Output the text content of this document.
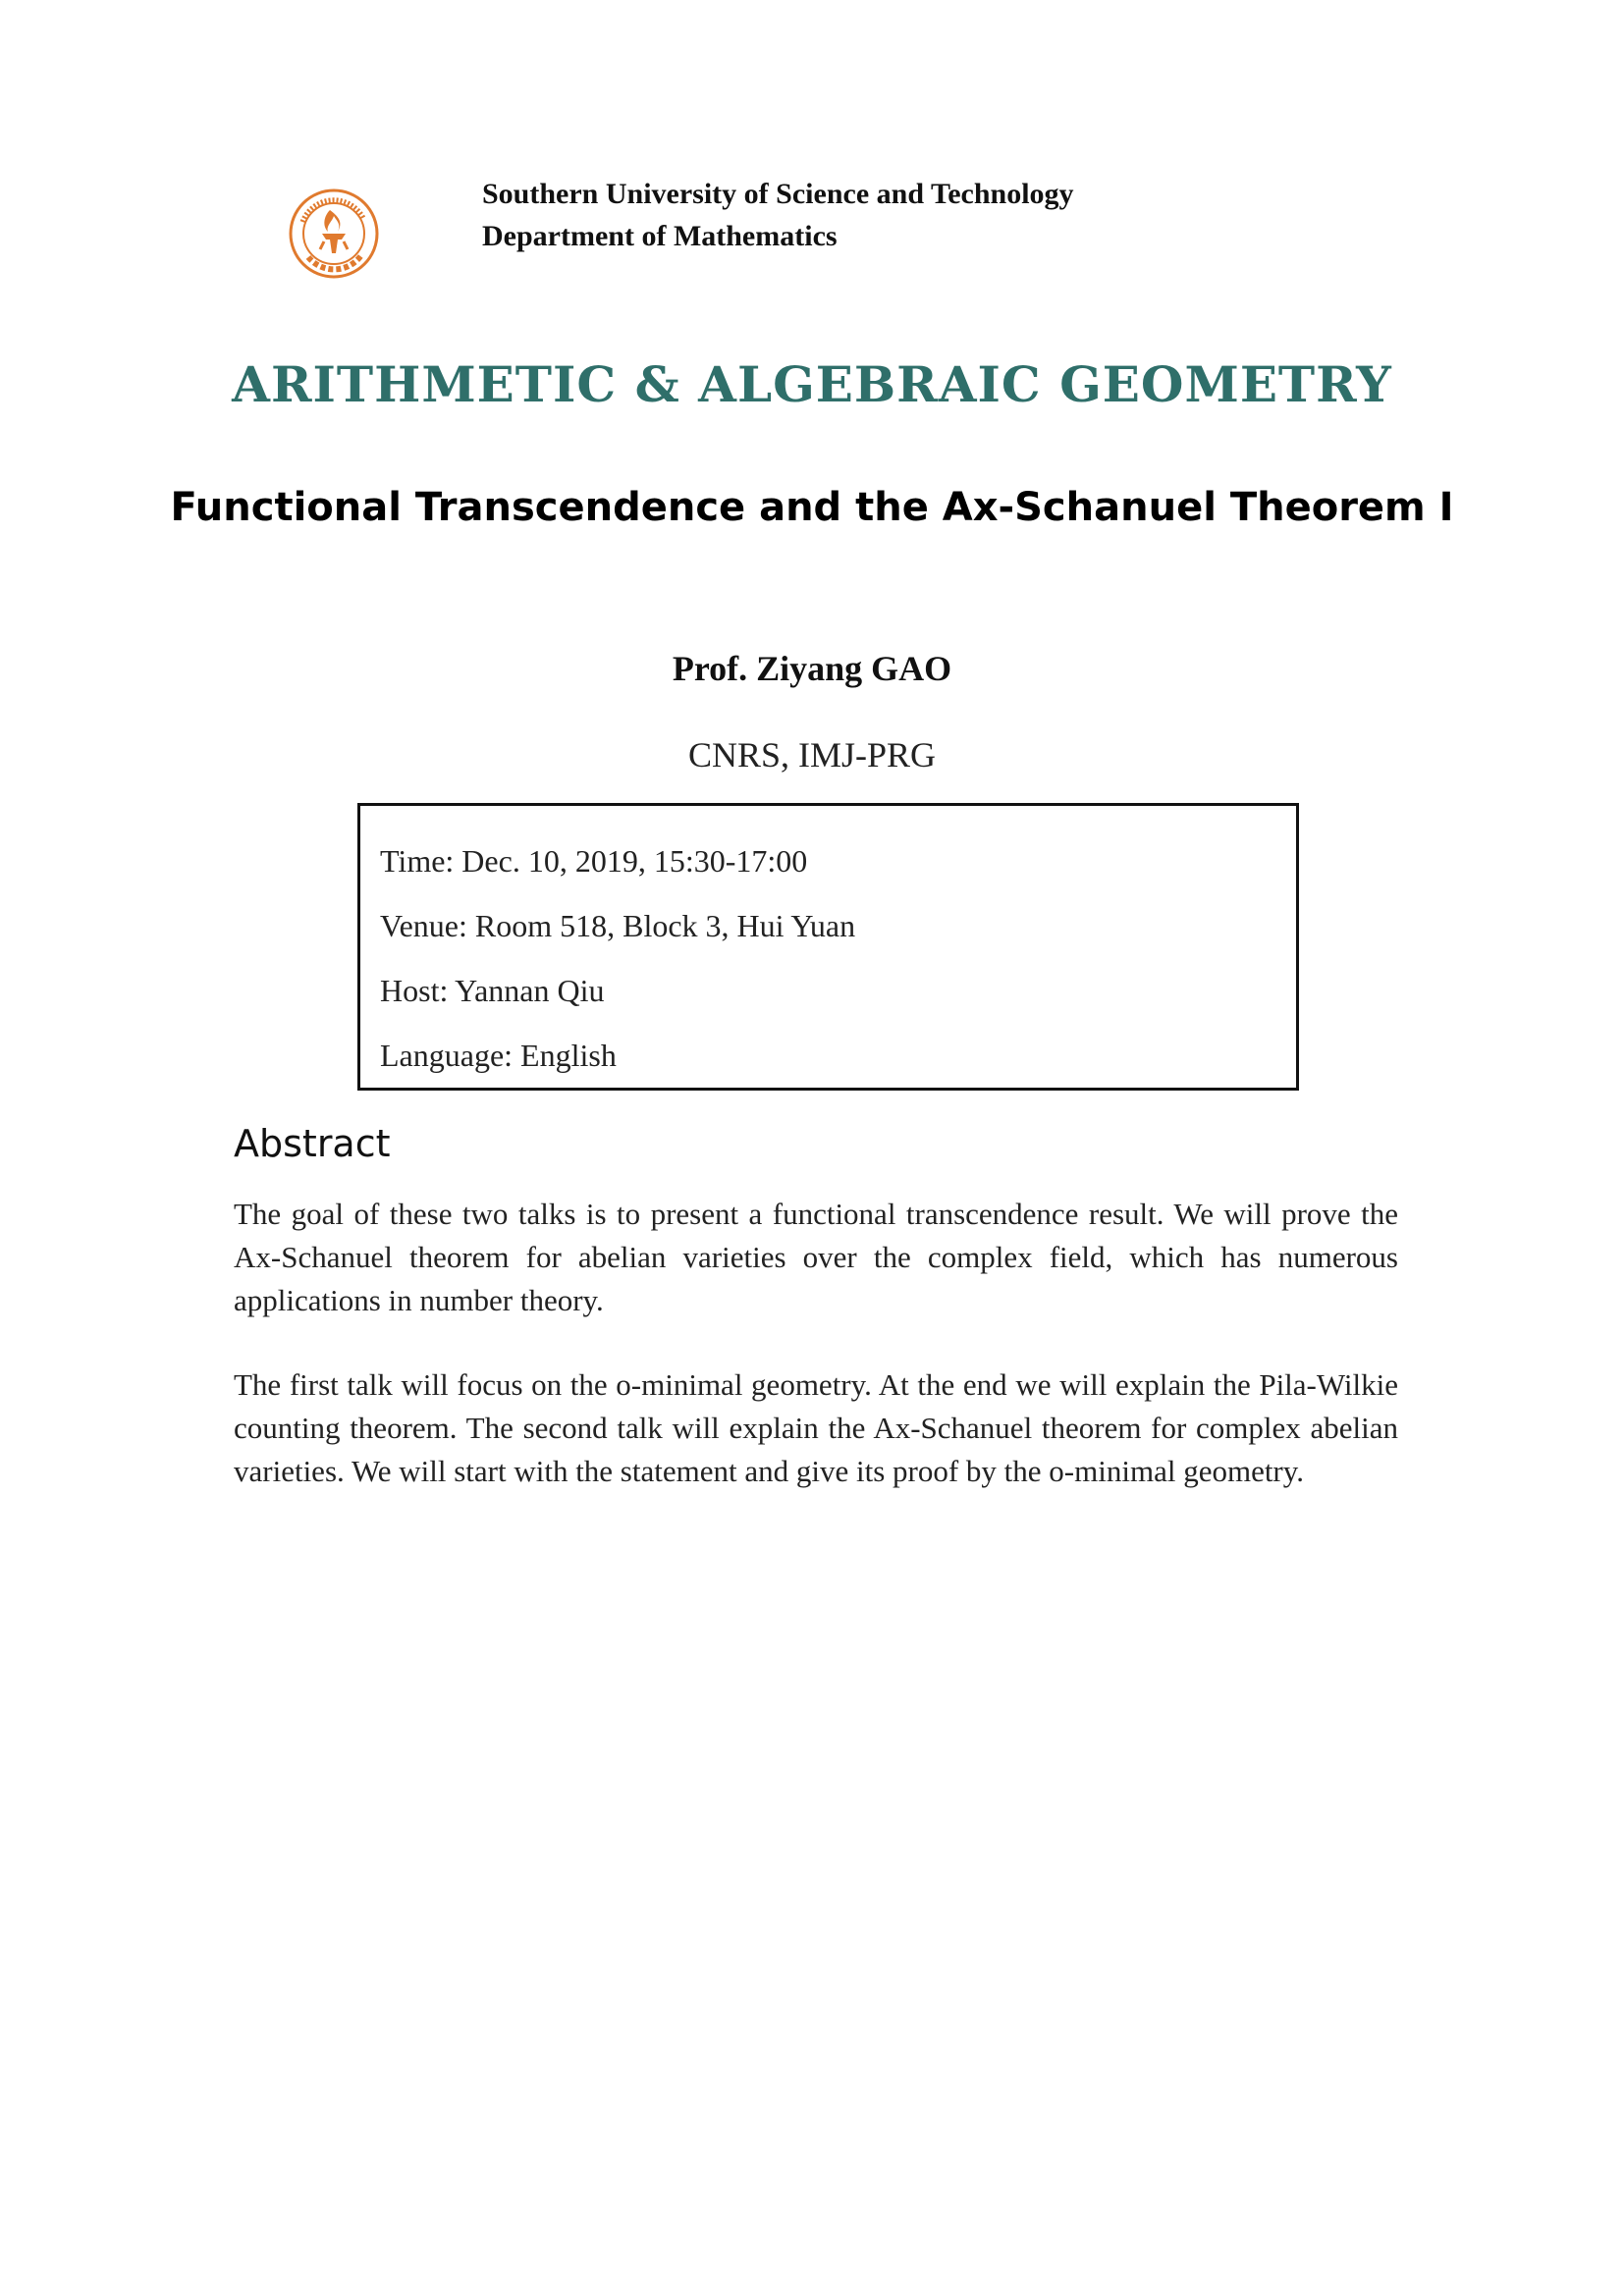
Southern University of Science and Technology
Department of Mathematics
ARITHMETIC & ALGEBRAIC GEOMETRY
Functional Transcendence and the Ax-Schanuel Theorem I
Prof. Ziyang GAO
CNRS, IMJ-PRG
Time: Dec. 10, 2019, 15:30-17:00
Venue: Room 518, Block 3, Hui Yuan
Host: Yannan Qiu
Language: English
Abstract

The goal of these two talks is to present a functional transcendence result. We will prove the Ax-Schanuel theorem for abelian varieties over the complex field, which has numerous applications in number theory.

The first talk will focus on the o-minimal geometry. At the end we will explain the Pila-Wilkie counting theorem. The second talk will explain the Ax-Schanuel theorem for complex abelian varieties. We will start with the statement and give its proof by the o-minimal geometry.
